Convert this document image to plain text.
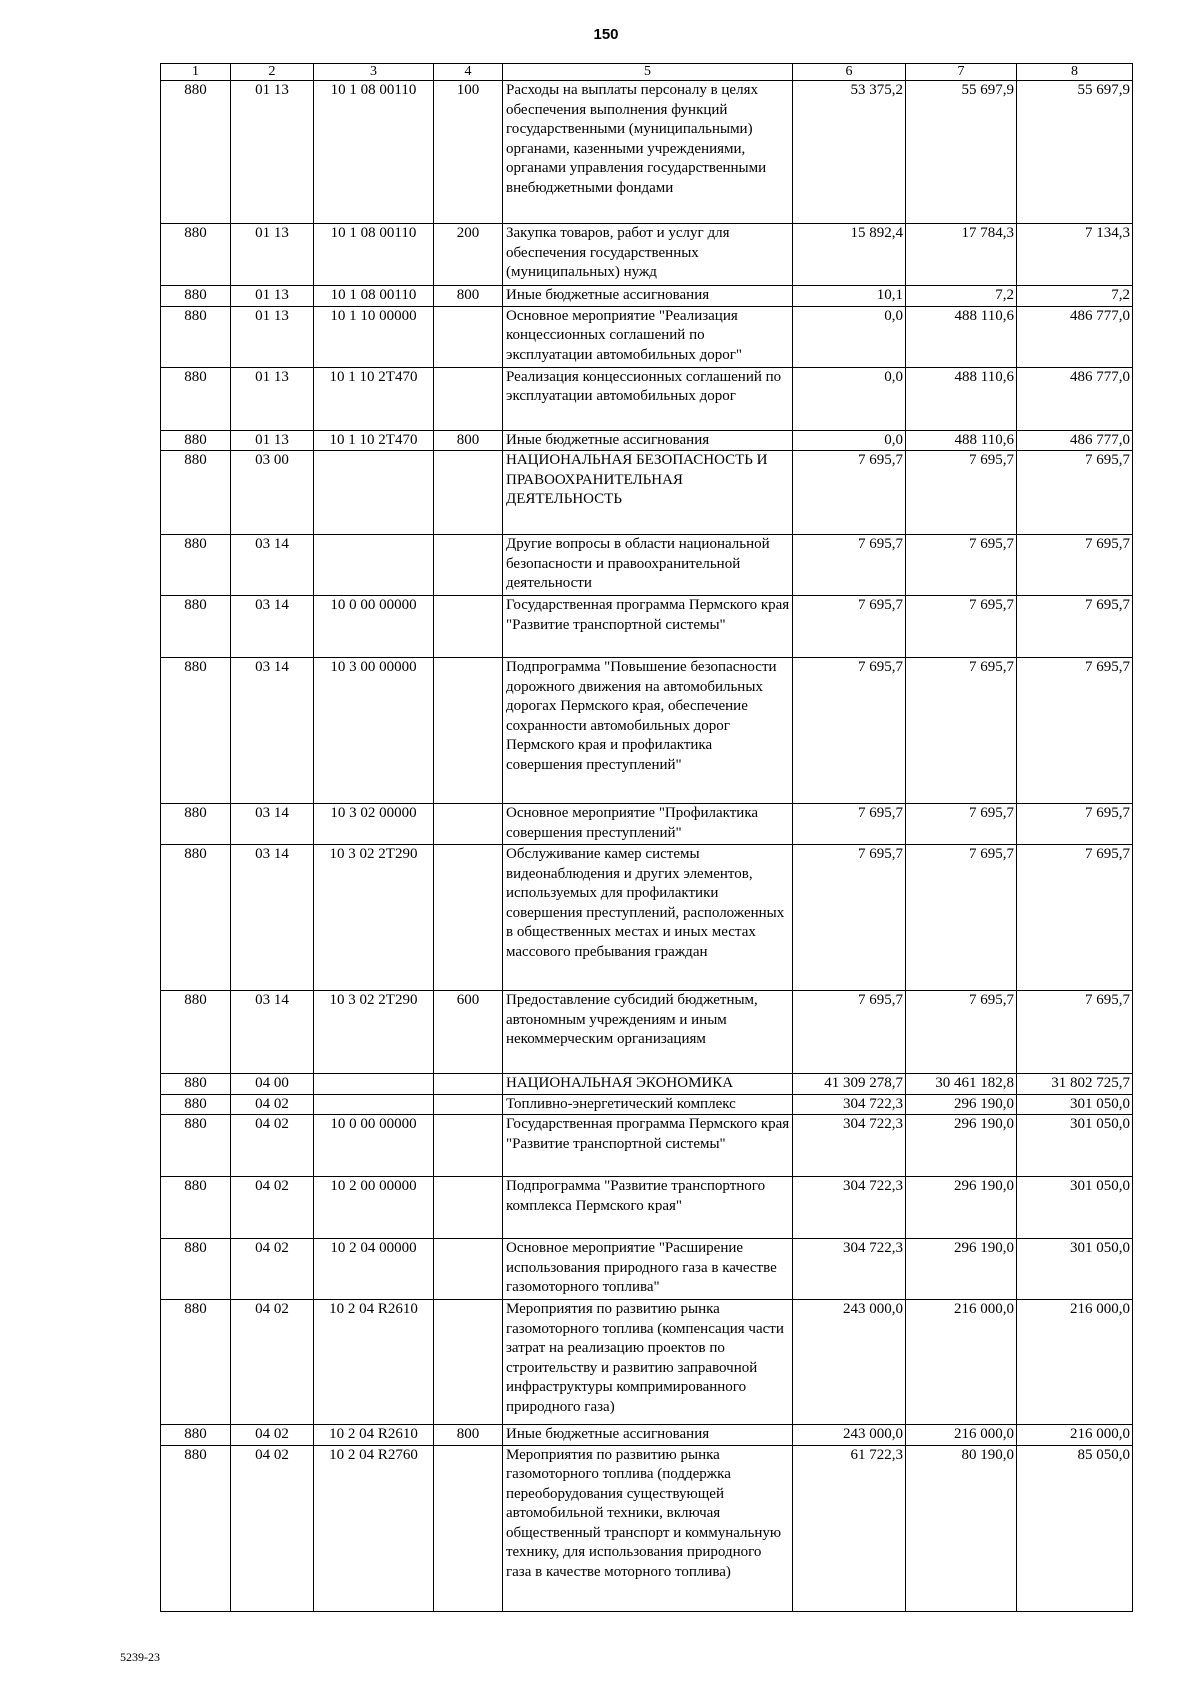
150
1	2	3	4	5	6	7	8
880	01 13	10 1 08 00110	100	Расходы на выплаты персоналу в целях обеспечения выполнения функций государственными (муниципальными) органами, казенными учреждениями, органами управления государственными внебюджетными фондами	53 375,2	55 697,9	55 697,9
880	01 13	10 1 08 00110	200	Закупка товаров, работ и услуг для обеспечения государственных (муниципальных) нужд	15 892,4	17 784,3	7 134,3
880	01 13	10 1 08 00110	800	Иные бюджетные ассигнования	10,1	7,2	7,2
880	01 13	10 1 10 00000		Основное мероприятие "Реализация концессионных соглашений по эксплуатации автомобильных дорог"	0,0	488 110,6	486 777,0
880	01 13	10 1 10 2Т470		Реализация концессионных соглашений по эксплуатации автомобильных дорог	0,0	488 110,6	486 777,0
880	01 13	10 1 10 2Т470	800	Иные бюджетные ассигнования	0,0	488 110,6	486 777,0
880	03 00			НАЦИОНАЛЬНАЯ БЕЗОПАСНОСТЬ И ПРАВООХРАНИТЕЛЬНАЯ ДЕЯТЕЛЬНОСТЬ	7 695,7	7 695,7	7 695,7
880	03 14			Другие вопросы в области национальной безопасности и правоохранительной деятельности	7 695,7	7 695,7	7 695,7
880	03 14	10 0 00 00000		Государственная программа Пермского края "Развитие транспортной системы"	7 695,7	7 695,7	7 695,7
880	03 14	10 3 00 00000		Подпрограмма "Повышение безопасности дорожного движения на автомобильных дорогах Пермского края, обеспечение сохранности автомобильных дорог Пермского края и профилактика совершения преступлений"	7 695,7	7 695,7	7 695,7
880	03 14	10 3 02 00000		Основное мероприятие "Профилактика совершения преступлений"	7 695,7	7 695,7	7 695,7
880	03 14	10 3 02 2Т290		Обслуживание камер системы видеонаблюдения и других элементов, используемых для профилактики совершения преступлений, расположенных в общественных местах и иных местах массового пребывания граждан	7 695,7	7 695,7	7 695,7
880	03 14	10 3 02 2Т290	600	Предоставление субсидий бюджетным, автономным учреждениям и иным некоммерческим организациям	7 695,7	7 695,7	7 695,7
880	04 00			НАЦИОНАЛЬНАЯ ЭКОНОМИКА	41 309 278,7	30 461 182,8	31 802 725,7
880	04 02			Топливно-энергетический комплекс	304 722,3	296 190,0	301 050,0
880	04 02	10 0 00 00000		Государственная программа Пермского края "Развитие транспортной системы"	304 722,3	296 190,0	301 050,0
880	04 02	10 2 00 00000		Подпрограмма "Развитие транспортного комплекса Пермского края"	304 722,3	296 190,0	301 050,0
880	04 02	10 2 04 00000		Основное мероприятие "Расширение использования природного газа в качестве газомоторного топлива"	304 722,3	296 190,0	301 050,0
880	04 02	10 2 04 R2610		Мероприятия по развитию рынка газомоторного топлива (компенсация части затрат на реализацию проектов по строительству и развитию заправочной инфраструктуры компримированного природного газа)	243 000,0	216 000,0	216 000,0
880	04 02	10 2 04 R2610	800	Иные бюджетные ассигнования	243 000,0	216 000,0	216 000,0
880	04 02	10 2 04 R2760		Мероприятия по развитию рынка газомоторного топлива (поддержка переоборудования существующей автомобильной техники, включая общественный транспорт и коммунальную технику, для использования природного газа в качестве моторного топлива)	61 722,3	80 190,0	85 050,0
5239-23
